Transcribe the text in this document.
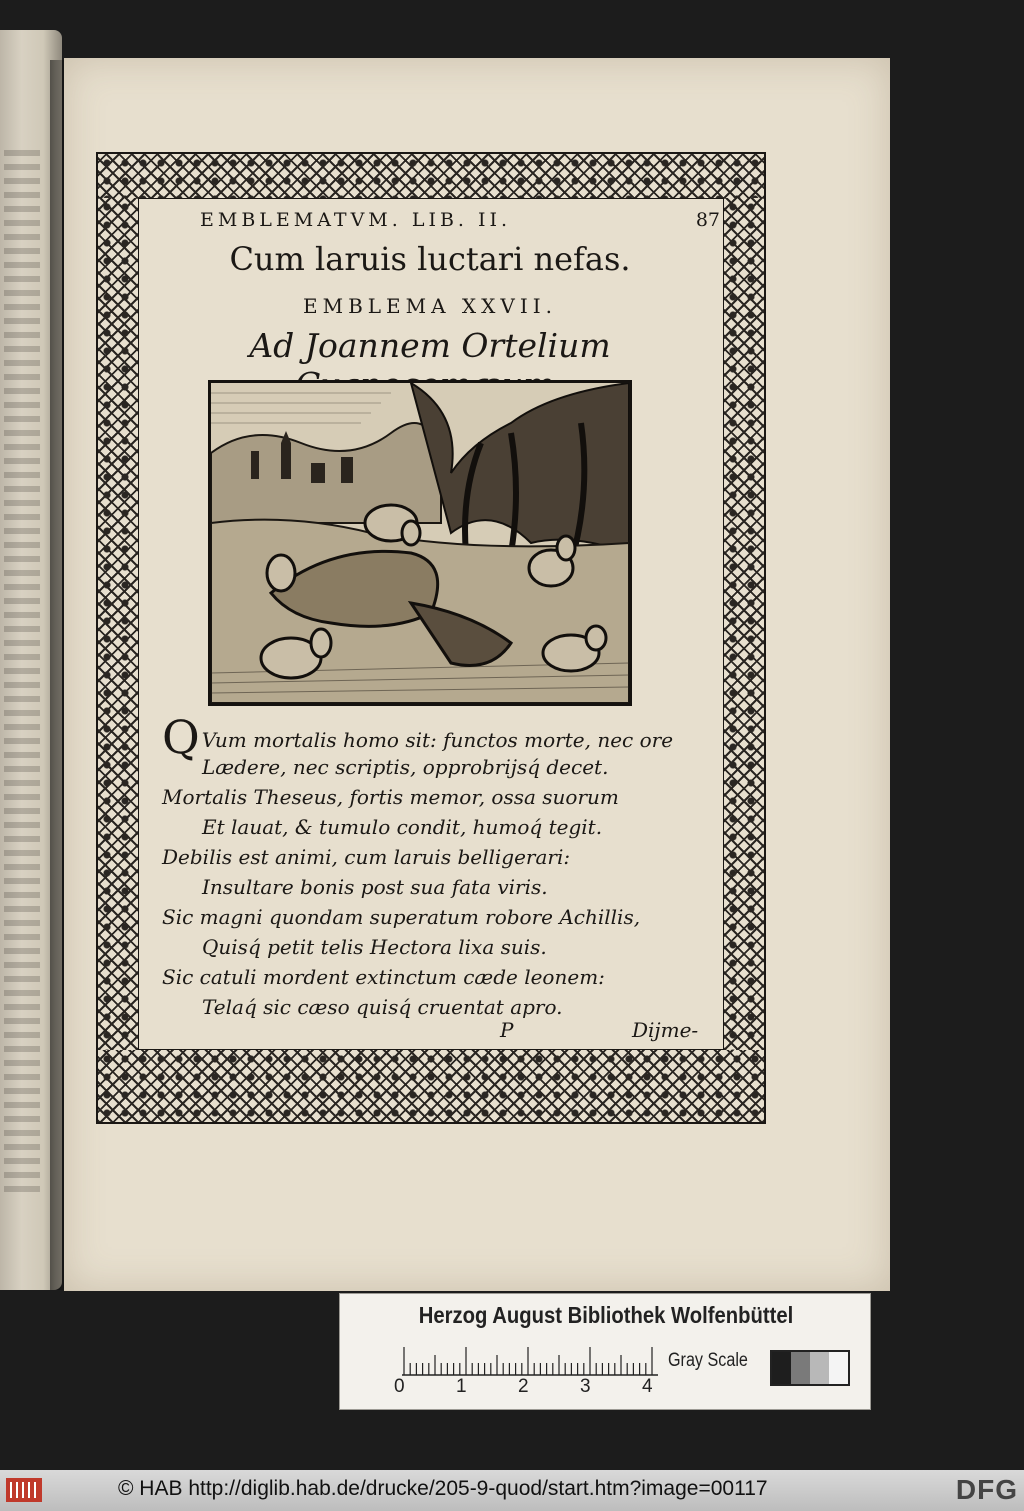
EMBLEMATVM. LIB. II.	87
Cum laruis luctari nefas.
EMBLEMA XXVII.
Ad Joannem Ortelium
Q Vum mortalis homo sit: functos morte, nec ore
Lædere, nec scriptis, opprobrijsq́ decet.
Mortalis Theseus, fortis memor, ossa suorum
Et lauat, & tumulo condit, humoq́ tegit.
Debilis est animi, cum laruis belligerari:
Insultare bonis post sua fata viris.
Sic magni quondam superatum robore Achillis,
Quisq́ petit telis Hectora lixa suis.
Sic catuli mordent extinctum cæde leonem:
Telaq́ sic cæso quisq́ cruentat apro.
P	Dijme-
Herzog August Bibliothek Wolfenbüttel
0	1	2	3	4
Gray Scale
© HAB http://diglib.hab.de/drucke/205-9-quod/start.htm?image=00117	DFG
